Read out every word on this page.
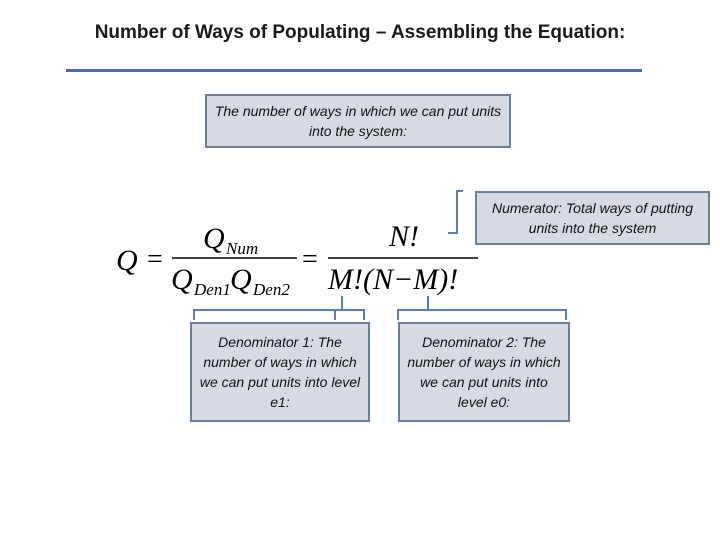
Number of Ways of Populating – Assembling the Equation:
The number of ways in which we can put units into the system:
Numerator: Total ways of putting units into the system
Denominator 1: The number of ways in which we can put units into level e1:
Denominator 2: The number of ways in which we can put units into level e0:
Q =
Q Num
Q Den1 Q Den2
=
N!
M!(N−M)!
